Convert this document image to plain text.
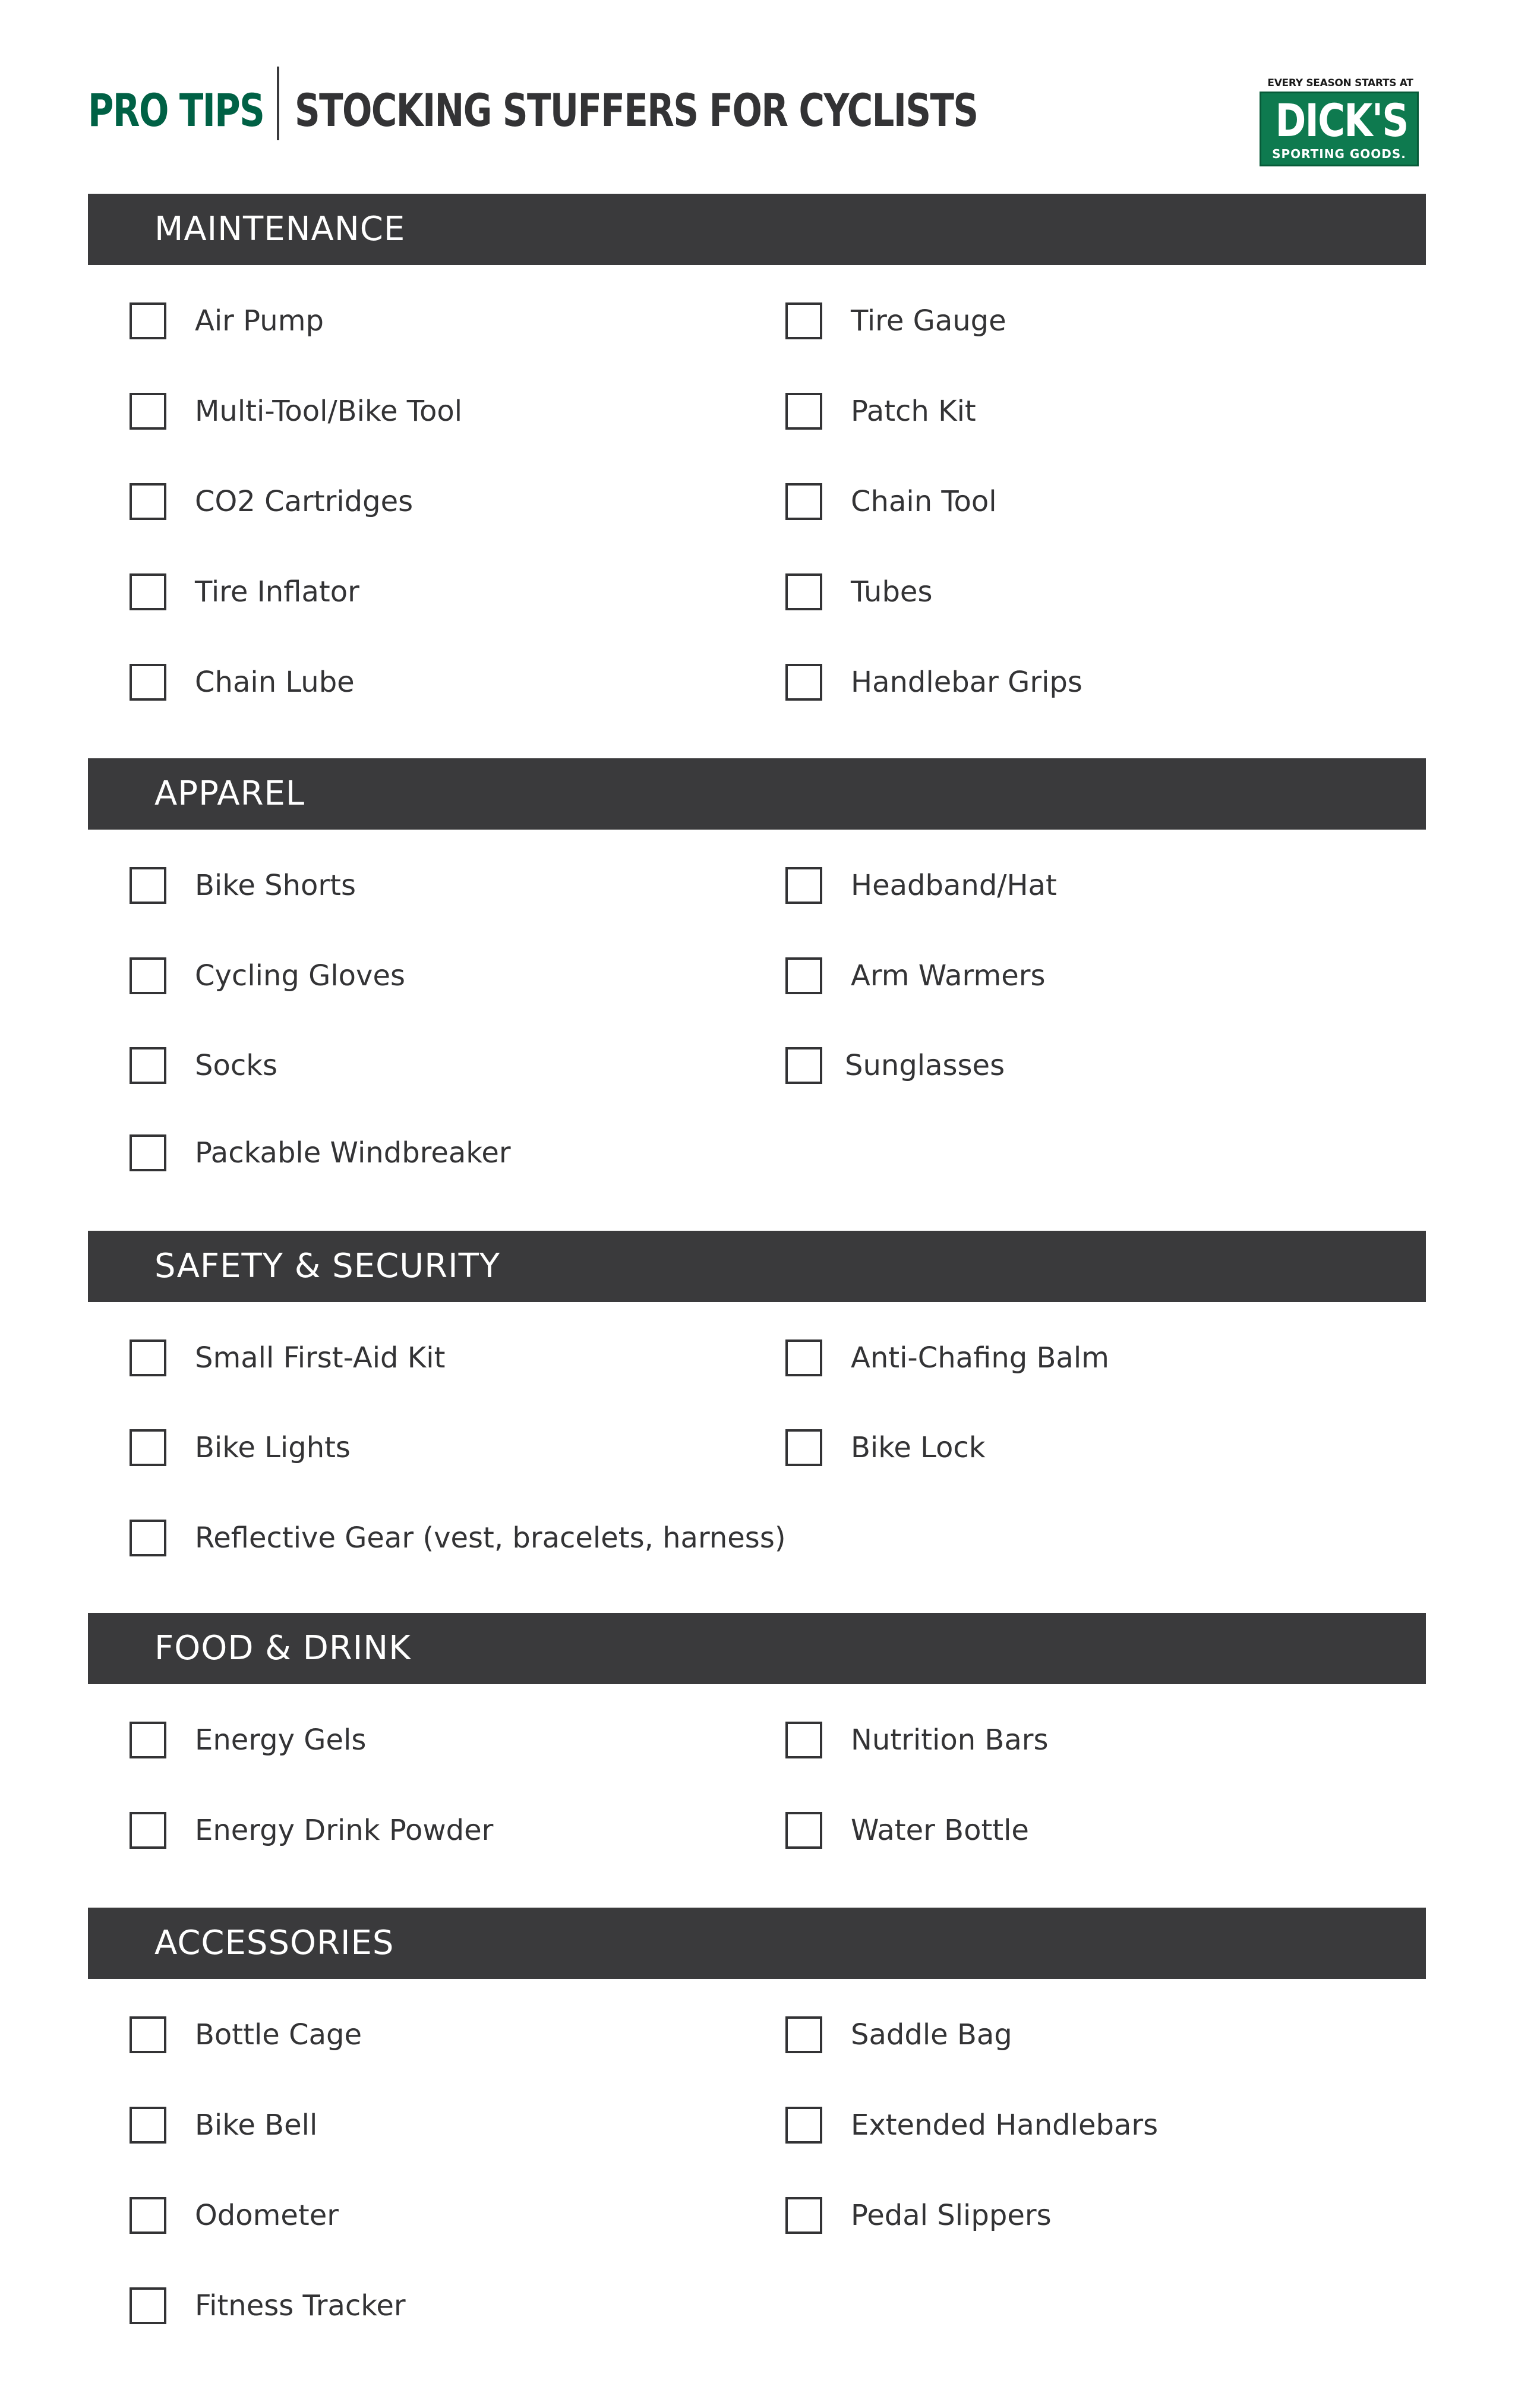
PRO TIPS STOCKING STUFFERS FOR CYCLISTS
EVERY SEASON STARTS AT
DICK'S
SPORTING GOODS.
MAINTENANCE
Air Pump
Multi-Tool/Bike Tool
CO2 Cartridges
Tire Inflator
Chain Lube
Tire Gauge
Patch Kit
Chain Tool
Tubes
Handlebar Grips
APPAREL
Bike Shorts
Cycling Gloves
Socks
Packable Windbreaker
Headband/Hat
Arm Warmers
Sunglasses
SAFETY & SECURITY
Small First-Aid Kit
Bike Lights
Reflective Gear (vest, bracelets, harness)
Anti-Chafing Balm
Bike Lock
FOOD & DRINK
Energy Gels
Energy Drink Powder
Nutrition Bars
Water Bottle
ACCESSORIES
Bottle Cage
Bike Bell
Odometer
Fitness Tracker
Saddle Bag
Extended Handlebars
Pedal Slippers
